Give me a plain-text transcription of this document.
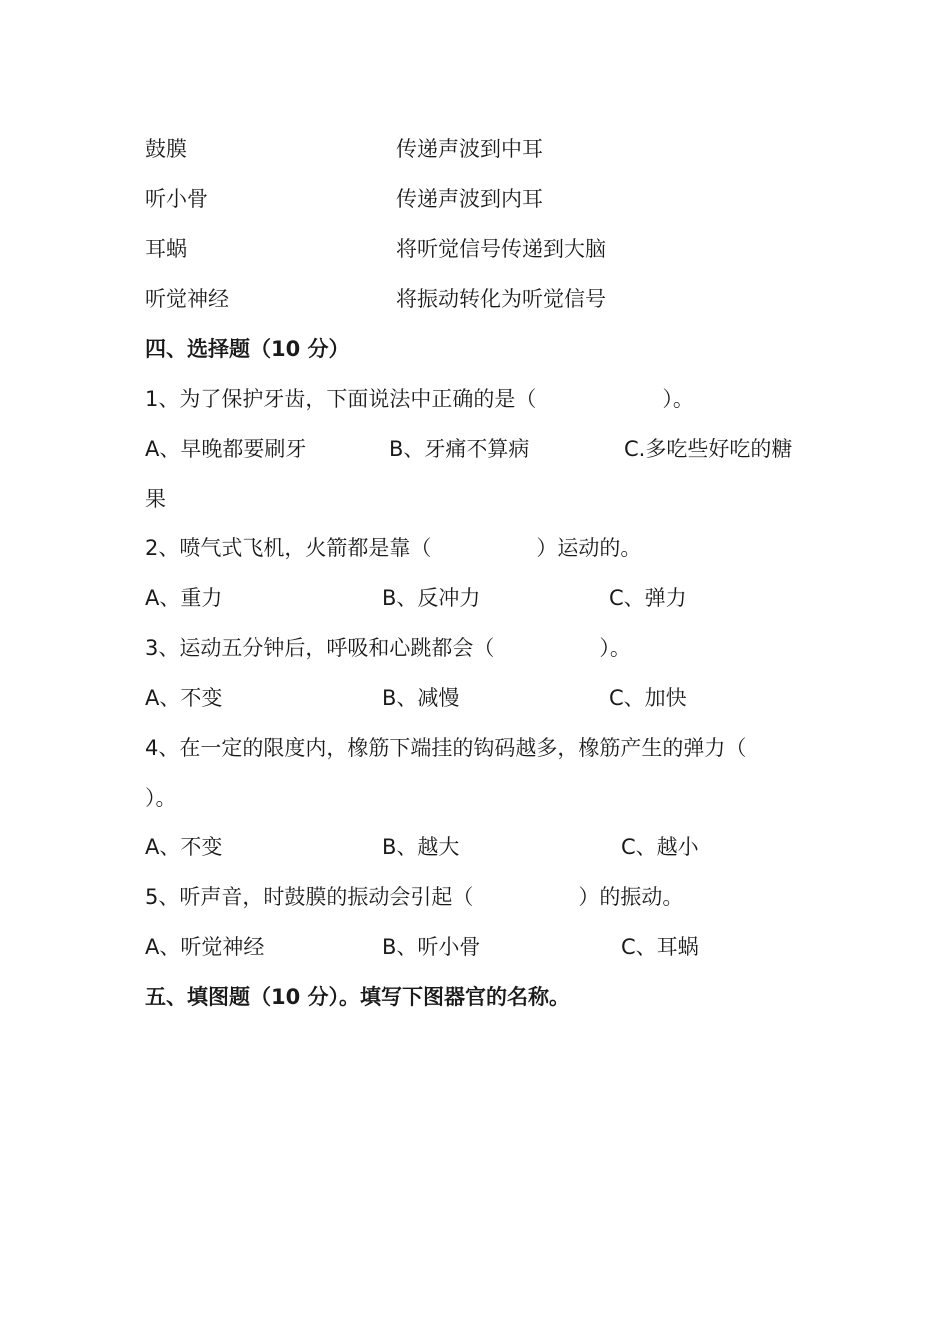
鼓膜	传递声波到中耳
听小骨	传递声波到内耳
耳蜗	将听觉信号传递到大脑
听觉神经	将振动转化为听觉信号
四、选择题（10 分）
1、为了保护牙齿，下面说法中正确的是（　　　　　　）。
A、早晚都要刷牙	B、牙痛不算病	C.多吃些好吃的糖
果
2、喷气式飞机，火箭都是靠（　　　　　）运动的。
A、重力	B、反冲力	C、弹力
3、运动五分钟后，呼吸和心跳都会（　　　　　）。
A、不变	B、减慢	C、加快
4、在一定的限度内，橡筋下端挂的钩码越多，橡筋产生的弹力（
）。
A、不变	B、越大	C、越小
5、听声音，时鼓膜的振动会引起（　　　　　）的振动。
A、听觉神经	B、听小骨	C、耳蜗
五、填图题（10 分）。填写下图器官的名称。
